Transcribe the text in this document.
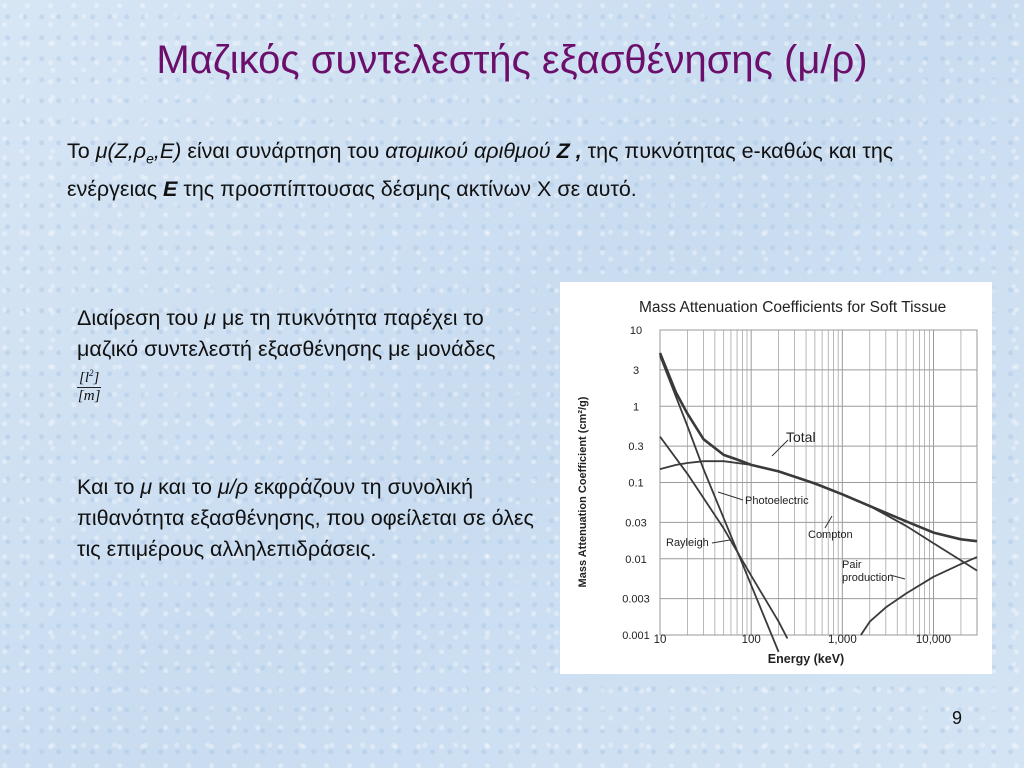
Μαζικός συντελεστής εξασθένησης (μ/ρ)
Το $\mu(Z,\rho_e,E)$ είναι συνάρτηση του ατομικού αριθμού Z , της πυκνότητας e-καθώς και της ενέργειας E της προσπίπτουσας δέσμης ακτίνων Χ σε αυτό.
Διαίρεση του μ με τη πυκνότητα παρέχει το μαζικό συντελεστή εξασθένησης με μονάδες
$\frac{[l^2]}{[m]}$
Και το μ και το μ/ρ εκφράζουν τη συνολική πιθανότητα εξασθένησης, που οφείλεται σε όλες τις επιμέρους αλληλεπιδράσεις.
Mass Attenuation Coefficients for Soft Tissue
10
3
1
0.3
0.1
0.03
0.01
0.003
0.001 10	100	1,000	10,000
Total
Photoelectric
Compton
Rayleigh
Pair
production
Energy (keV)
Mass Attenuation Coefficient (cm²/g)
9
